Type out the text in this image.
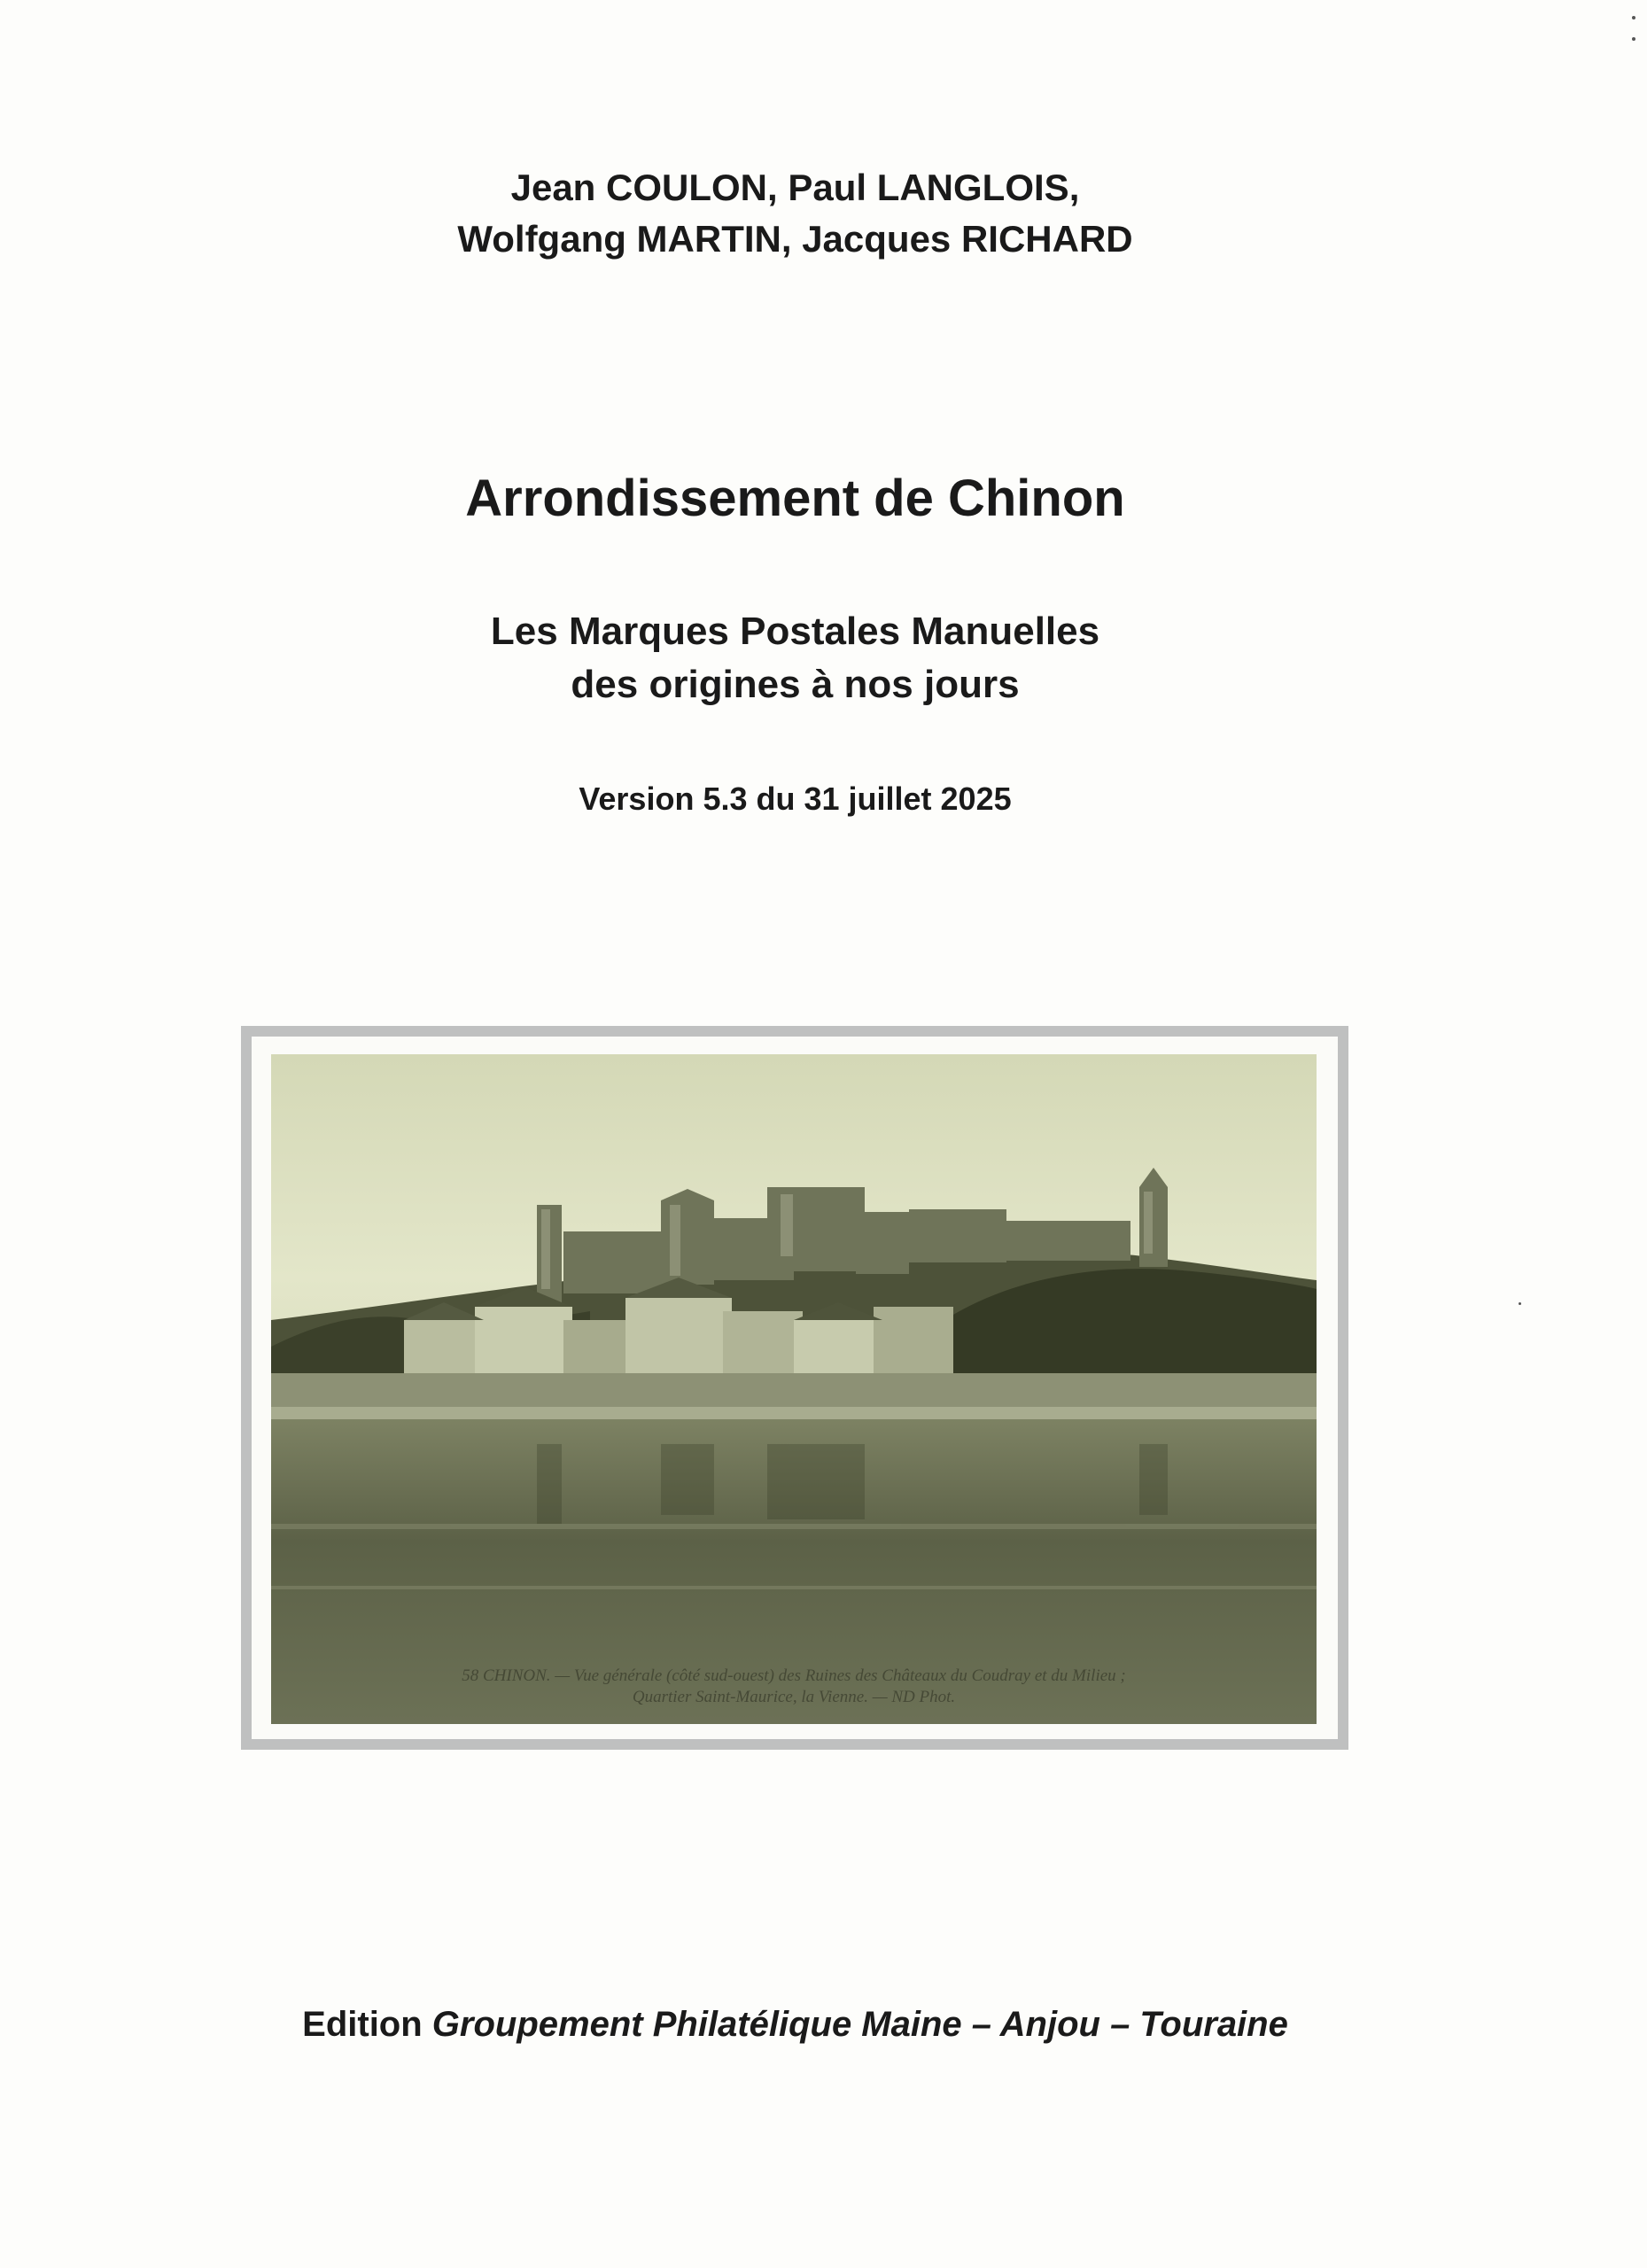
Jean COULON, Paul LANGLOIS,
Wolfgang MARTIN, Jacques RICHARD
Arrondissement de Chinon
Les Marques Postales Manuelles
des origines à nos jours
Version 5.3 du 31 juillet 2025
58 CHINON. — Vue générale (côté sud-ouest) des Ruines des Châteaux du Coudray et du Milieu ;
Quartier Saint-Maurice, la Vienne. — ND Phot.
Edition Groupement Philatélique Maine – Anjou – Touraine
